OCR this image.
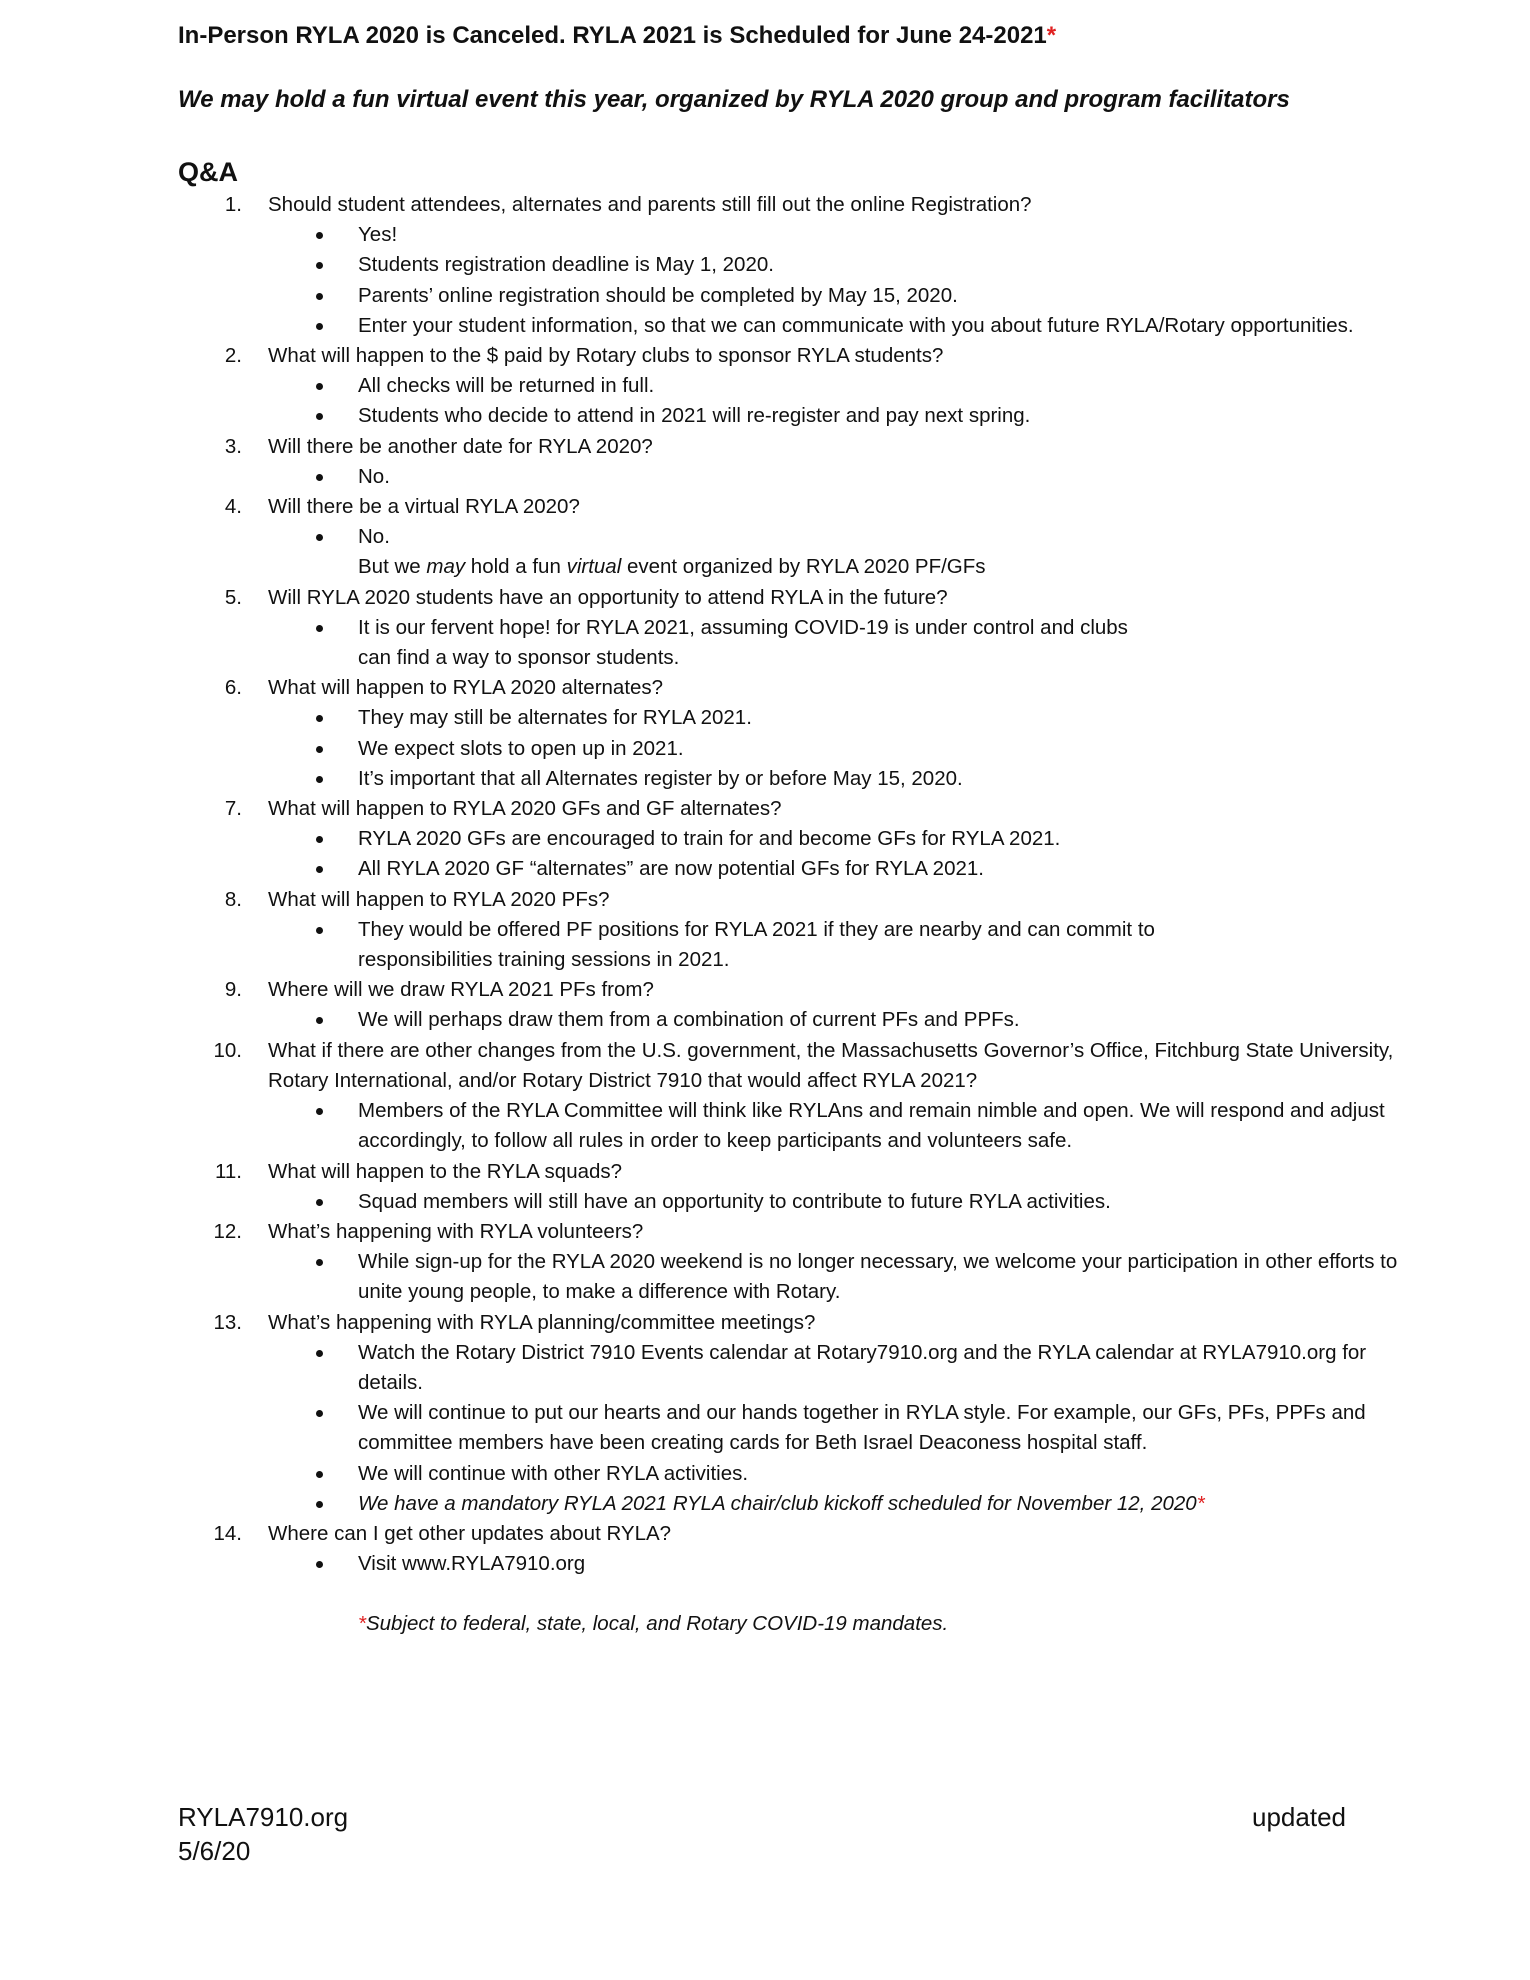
In-Person RYLA 2020 is Canceled. RYLA 2021 is Scheduled for June 24-2021*
We may hold a fun virtual event this year, organized by RYLA 2020 group and program facilitators
Q&A
1. Should student attendees, alternates and parents still fill out the online Registration?
Yes!
Students registration deadline is May 1, 2020.
Parents’ online registration should be completed by May 15, 2020.
Enter your student information, so that we can communicate with you about future RYLA/Rotary opportunities.
2. What will happen to the $ paid by Rotary clubs to sponsor RYLA students?
All checks will be returned in full.
Students who decide to attend in 2021 will re-register and pay next spring.
3. Will there be another date for RYLA 2020?
No.
4. Will there be a virtual RYLA 2020?
No.
But we may hold a fun virtual event organized by RYLA 2020 PF/GFs
5. Will RYLA 2020 students have an opportunity to attend RYLA in the future?
It is our fervent hope! for RYLA 2021, assuming COVID-19 is under control and clubs can find a way to sponsor students.
6. What will happen to RYLA 2020 alternates?
They may still be alternates for RYLA 2021.
We expect slots to open up in 2021.
It’s important that all Alternates register by or before May 15, 2020.
7. What will happen to RYLA 2020 GFs and GF alternates?
RYLA 2020 GFs are encouraged to train for and become GFs for RYLA 2021.
All RYLA 2020 GF “alternates” are now potential GFs for RYLA 2021.
8. What will happen to RYLA 2020 PFs?
They would be offered PF positions for RYLA 2021 if they are nearby and can commit to responsibilities training sessions in 2021.
9. Where will we draw RYLA 2021 PFs from?
We will perhaps draw them from a combination of current PFs and PPFs.
10. What if there are other changes from the U.S. government, the Massachusetts Governor’s Office, Fitchburg State University, Rotary International, and/or Rotary District 7910 that would affect RYLA 2021?
Members of the RYLA Committee will think like RYLAns and remain nimble and open. We will respond and adjust accordingly, to follow all rules in order to keep participants and volunteers safe.
11. What will happen to the RYLA squads?
Squad members will still have an opportunity to contribute to future RYLA activities.
12. What’s happening with RYLA volunteers?
While sign-up for the RYLA 2020 weekend is no longer necessary, we welcome your participation in other efforts to unite young people, to make a difference with Rotary.
13. What’s happening with RYLA planning/committee meetings?
Watch the Rotary District 7910 Events calendar at Rotary7910.org and the RYLA calendar at RYLA7910.org for details.
We will continue to put our hearts and our hands together in RYLA style. For example, our GFs, PFs, PPFs and committee members have been creating cards for Beth Israel Deaconess hospital staff.
We will continue with other RYLA activities.
We have a mandatory RYLA 2021 RYLA chair/club kickoff scheduled for November 12, 2020*
14. Where can I get other updates about RYLA?
Visit www.RYLA7910.org
*Subject to federal, state, local, and Rotary COVID-19 mandates.
RYLA7910.org
5/6/20
updated
